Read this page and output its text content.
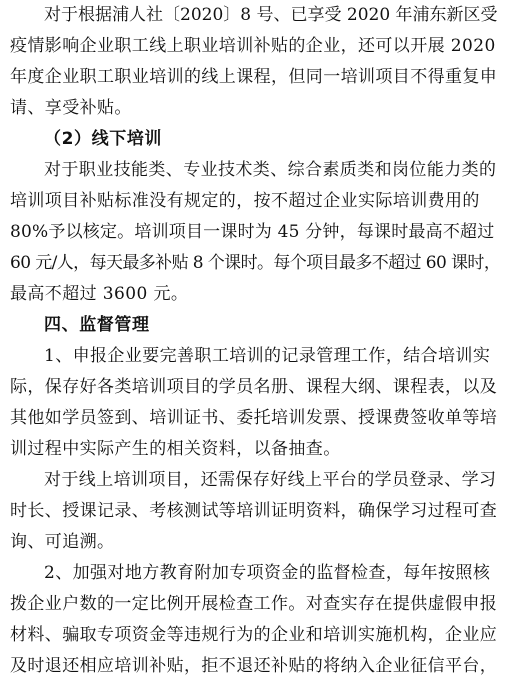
对于根据浦人社〔2020〕8 号、已享受 2020 年浦东新区受
疫情影响企业职工线上职业培训补贴的企业，还可以开展 2020
年度企业职工职业培训的线上课程，但同一培训项目不得重复申
请、享受补贴。
（2）线下培训
对于职业技能类、专业技术类、综合素质类和岗位能力类的
培训项目补贴标准没有规定的，按不超过企业实际培训费用的
80%予以核定。培训项目一课时为 45 分钟，每课时最高不超过
60 元/人，每天最多补贴 8 个课时。每个项目最多不超过 60 课时，
最高不超过 3600 元。
四、监督管理
1、申报企业要完善职工培训的记录管理工作，结合培训实
际，保存好各类培训项目的学员名册、课程大纲、课程表，以及
其他如学员签到、培训证书、委托培训发票、授课费签收单等培
训过程中实际产生的相关资料，以备抽查。
对于线上培训项目，还需保存好线上平台的学员登录、学习
时长、授课记录、考核测试等培训证明资料，确保学习过程可查
询、可追溯。
2、加强对地方教育附加专项资金的监督检查，每年按照核
拨企业户数的一定比例开展检查工作。对查实存在提供虚假申报
材料、骗取专项资金等违规行为的企业和培训实施机构，企业应
及时退还相应培训补贴，拒不退还补贴的将纳入企业征信平台，
